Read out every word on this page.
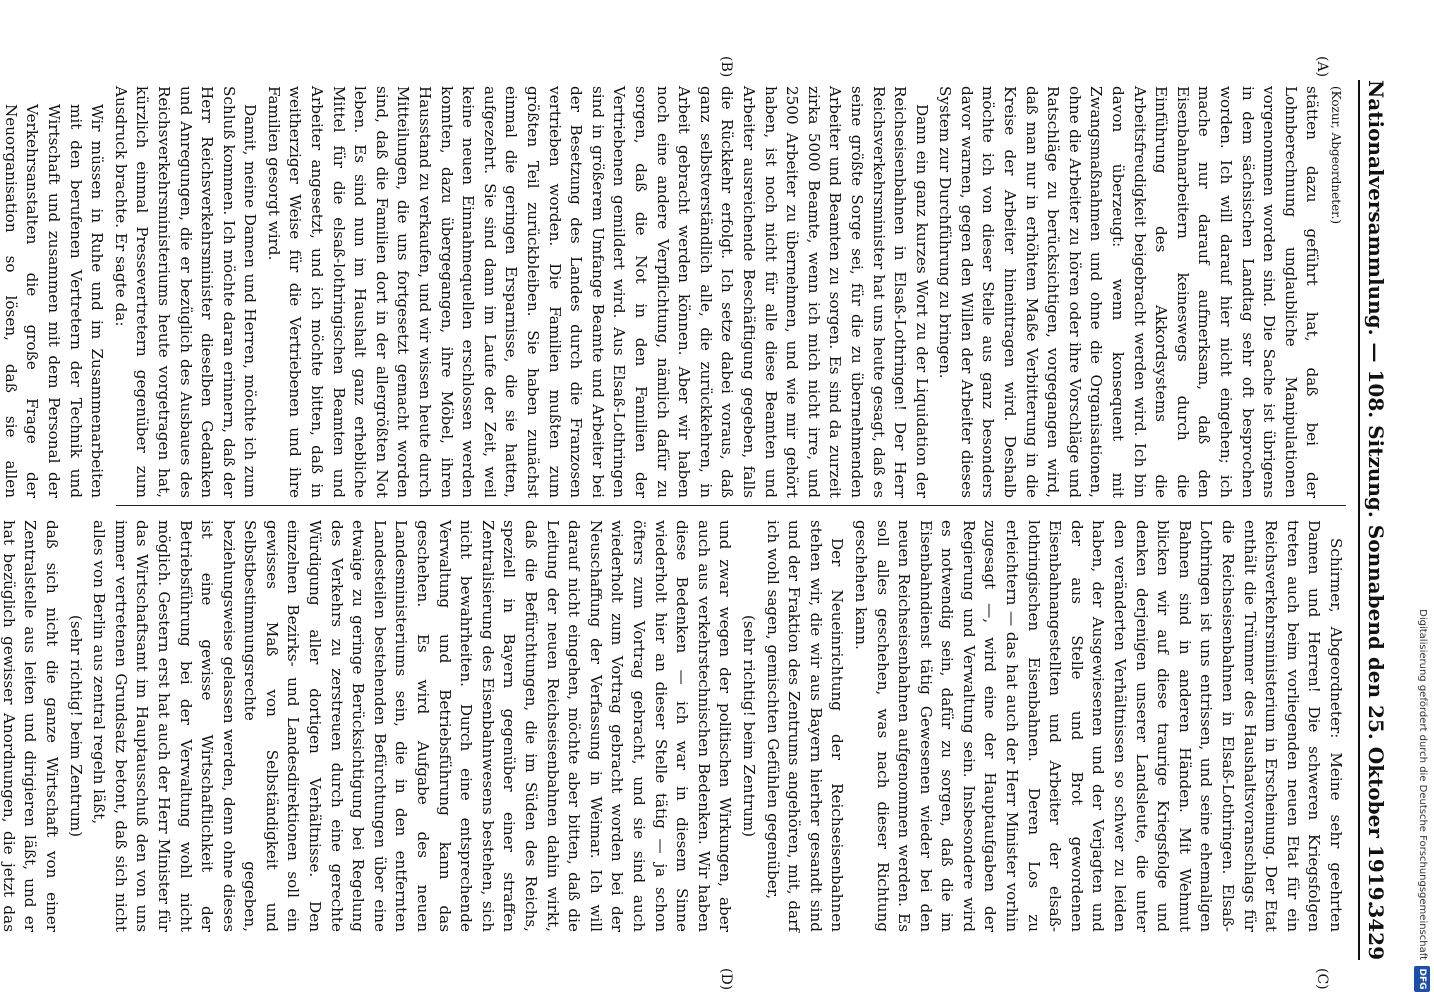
Digitalisierung gefördert durch die Deutsche Forschungsgemeinschaft
DFG
Nationalversammlung. — 108. Sitzung. Sonnabend den 25. Oktober 1919.
3429
(A)
(B)
(C)
(D)

(Kozur, Abgeordneter.)

stätten dazu geführt hat, daß bei der Lohnberechnung unglaubliche Manipulationen vorgenommen worden sind. Die Sache ist übrigens in dem sächsischen Landtag sehr oft besprochen worden. Ich will darauf hier nicht eingehen; ich mache nur darauf aufmerksam, daß den Eisenbahnarbeitern keineswegs durch die Einführung des Akkordsystems die Arbeitsfreudigkeit beigebracht werden wird. Ich bin davon überzeugt: wenn konsequent mit Zwangsmaßnahmen und ohne die Organisationen, ohne die Arbeiter zu hören oder ihre Vorschläge und Ratschläge zu berücksichtigen, vorgegangen wird, daß man nur in erhöhtem Maße Verbitterung in die Kreise der Arbeiter hineintragen wird. Deshalb möchte ich von dieser Stelle aus ganz besonders davor warnen, gegen den Willen der Arbeiter dieses System zur Durchführung zu bringen.

Dann ein ganz kurzes Wort zu der Liquidation der Reichseisenbahnen in Elsaß-Lothringen! Der Herr Reichsverkehrsminister hat uns heute gesagt, daß es seine größte Sorge sei, für die zu übernehmenden Arbeiter und Beamten zu sorgen. Es sind da zurzeit zirka 5000 Beamte, wenn ich mich nicht irre, und 2500 Arbeiter zu übernehmen, und wie mir gehört haben, ist noch nicht für alle diese Beamten und Arbeiter ausreichende Beschäftigung gegeben, falls die Rückkehr erfolgt. Ich setze dabei voraus, daß ganz selbstverständlich alle, die zurückkehren, in Arbeit gebracht werden können. Aber wir haben noch eine andere Verpflichtung, nämlich dafür zu sorgen, daß die Not in den Familien der Vertriebenen gemildert wird. Aus Elsaß-Lothringen sind in größerem Umfange Beamte und Arbeiter bei der Besetzung des Landes durch die Franzosen vertrieben worden. Die Familien mußten zum größten Teil zurückbleiben. Sie haben zunächst einmal die geringen Ersparnisse, die sie hatten, aufgezehrt. Sie sind dann im Laufe der Zeit, weil keine neuen Einnahmequellen erschlossen werden konnten, dazu übergegangen, ihre Möbel, ihren Hausstand zu verkaufen, und wir wissen heute durch Mitteilungen, die uns fortgesetzt gemacht worden sind, daß die Familien dort in der allergrößten Not leben. Es sind nun im Haushalt ganz erhebliche Mittel für die elsaß-lothringischen Beamten und Arbeiter angesetzt, und ich möchte bitten, daß in weitherziger Weise für die Vertriebenen und ihre Familien gesorgt wird.

Damit, meine Damen und Herren, möchte ich zum Schluß kommen. Ich möchte daran erinnern, daß der Herr Reichsverkehrsminister dieselben Gedanken und Anregungen, die er bezüglich des Ausbaues des Reichsverkehrsministeriums heute vorgetragen hat, kürzlich einmal Pressevertretern gegenüber zum Ausdruck brachte. Er sagte da:

Wir müssen in Ruhe und im Zusammenarbeiten mit den berufenen Vertretern der Technik und Wirtschaft und zusammen mit dem Personal der Verkehrsanstalten die große Frage der Neuorganisation so lösen, daß sie allen

Schirmer, Abgeordneter: Meine sehr geehrten Damen und Herren! Die schweren Kriegsfolgen treten auch beim vorliegenden neuen Etat für ein Reichsverkehrsministerium in Erscheinung. Der Etat enthält die Trümmer des Haushaltsvoranschlags für die Reichseisenbahnen in Elsaß-Lothringen. Elsaß-Lothringen ist uns entrissen, und seine ehemaligen Bahnen sind in anderen Händen. Mit Wehmut blicken wir auf diese traurige Kriegsfolge und denken derjenigen unserer Landsleute, die unter den veränderten Verhältnissen so schwer zu leiden haben, der Ausgewiesenen und der Verjagten und der aus Stelle und Brot gewordenen Eisenbahnangestellten und Arbeiter der elsaß-lothringischen Eisenbahnen. Deren Los zu erleichtern — das hat auch der Herr Minister vorhin zugesagt —, wird eine der Hauptaufgaben der Regierung und Verwaltung sein. Insbesondere wird es notwendig sein, dafür zu sorgen, daß die im Eisenbahndienst tätig Gewesenen wieder bei den neuen Reichseisenbahnen aufgenommen werden. Es soll alles geschehen, was nach dieser Richtung geschehen kann.

Der Neueinrichtung der Reichseisenbahnen stehen wir, die wir aus Bayern hierher gesandt sind und der Fraktion des Zentrums angehören, mit, darf ich wohl sagen, gemischten Gefühlen gegenüber,

(sehr richtig! beim Zentrum)

und zwar wegen der politischen Wirkungen, aber auch aus verkehrstechnischen Bedenken. Wir haben diese Bedenken — ich war in diesem Sinne wiederholt hier an dieser Stelle tätig — ja schon öfters zum Vortrag gebracht, und sie sind auch wiederholt zum Vortrag gebracht worden bei der Neuschaffung der Verfassung in Weimar. Ich will darauf nicht eingehen, möchte aber bitten, daß die Leitung der neuen Reichseisenbahnen dahin wirkt, daß die Befürchtungen, die im Süden des Reichs, speziell in Bayern gegenüber einer straffen Zentralisierung des Eisenbahnwesens bestehen, sich nicht bewahrheiten. Durch eine entsprechende Verwaltung und Betriebsführung kann das geschehen. Es wird Aufgabe des neuen Landesministeriums sein, die in den entfernten Landesteilen bestehenden Befürchtungen über eine etwaige zu geringe Berücksichtigung bei Regelung des Verkehrs zu zerstreuen durch eine gerechte Würdigung aller dortigen Verhältnisse. Den einzelnen Bezirks- und Landesdirektionen soll ein gewisses Maß von Selbständigkeit und Selbstbestimmungsrechte gegeben, beziehungsweise gelassen werden, denn ohne dieses ist eine gewisse Wirtschaftlichkeit der Betriebsführung bei der Verwaltung wohl nicht möglich. Gestern erst hat auch der Herr Minister für das Wirtschaftsamt im Hauptausschuß den von uns immer vertretenen Grundsatz betont, daß sich nicht alles von Berlin aus zentral regeln läßt,

(sehr richtig! beim Zentrum)

daß sich nicht die ganze Wirtschaft von einer Zentralstelle aus leiten und dirigieren läßt, und er hat bezüglich gewisser Anordnungen, die jetzt das
